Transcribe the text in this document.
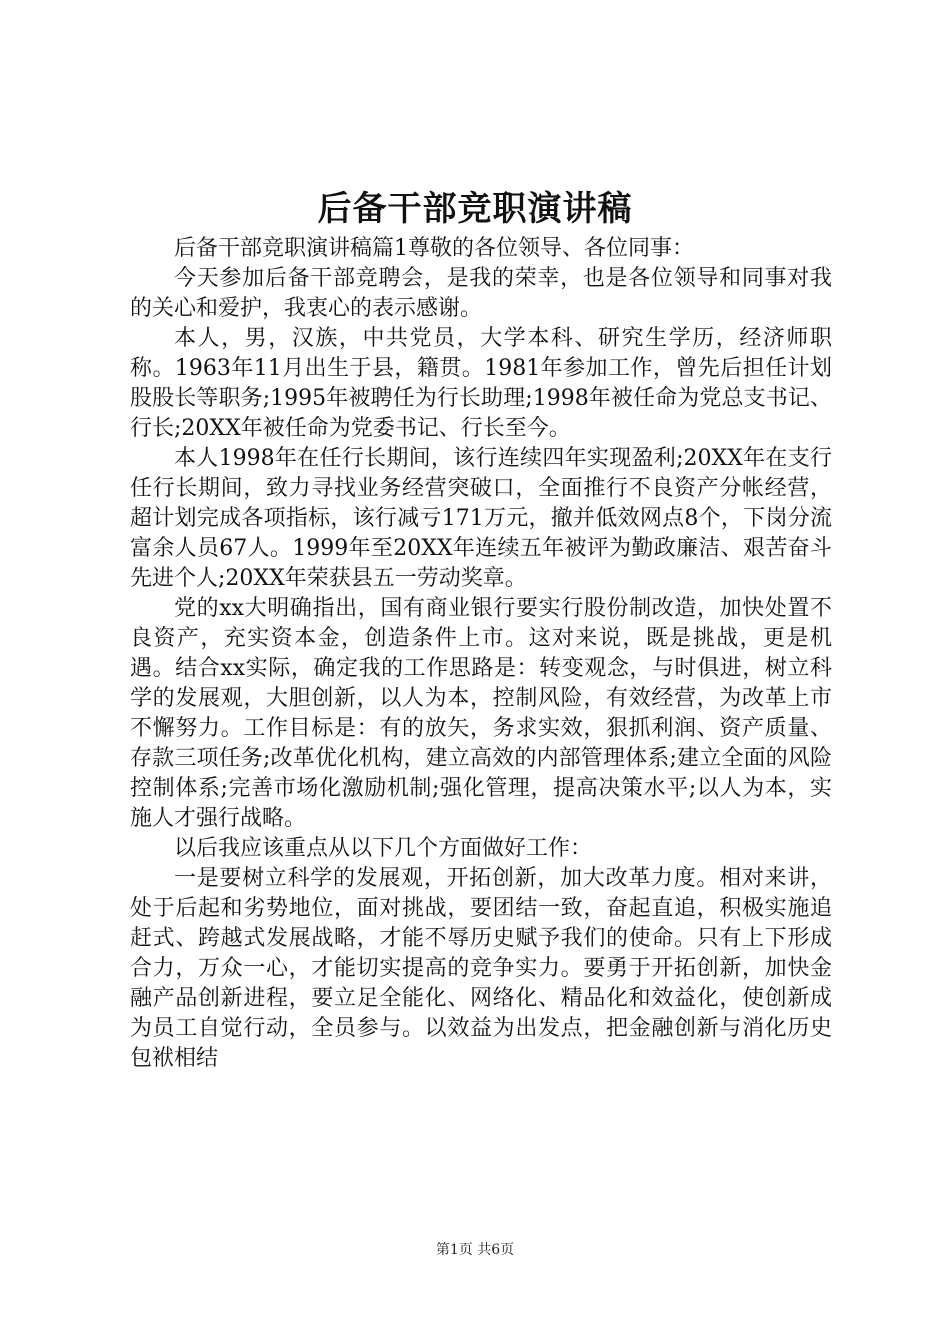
后备干部竞职演讲稿

后备干部竞职演讲稿篇1尊敬的各位领导、各位同事：

今天参加后备干部竞聘会，是我的荣幸，也是各位领导和同事对我的关心和爱护，我衷心的表示感谢。

本人，男，汉族，中共党员，大学本科、研究生学历，经济师职称。1963年11月出生于县，籍贯。1981年参加工作，曾先后担任计划股股长等职务;1995年被聘任为行长助理;1998年被任命为党总支书记、行长;20XX年被任命为党委书记、行长至今。

本人1998年在任行长期间，该行连续四年实现盈利;20XX年在支行任行长期间，致力寻找业务经营突破口，全面推行不良资产分帐经营，超计划完成各项指标，该行减亏171万元，撤并低效网点8个，下岗分流富余人员67人。1999年至20XX年连续五年被评为勤政廉洁、艰苦奋斗先进个人;20XX年荣获县五一劳动奖章。

党的xx大明确指出，国有商业银行要实行股份制改造，加快处置不良资产，充实资本金，创造条件上市。这对来说，既是挑战，更是机遇。结合xx实际，确定我的工作思路是：转变观念，与时俱进，树立科学的发展观，大胆创新，以人为本，控制风险，有效经营，为改革上市不懈努力。工作目标是：有的放矢，务求实效，狠抓利润、资产质量、存款三项任务;改革优化机构，建立高效的内部管理体系;建立全面的风险控制体系;完善市场化激励机制;强化管理，提高决策水平;以人为本，实施人才强行战略。

以后我应该重点从以下几个方面做好工作：

一是要树立科学的发展观，开拓创新，加大改革力度。相对来讲，处于后起和劣势地位，面对挑战，要团结一致，奋起直追，积极实施追赶式、跨越式发展战略，才能不辱历史赋予我们的使命。只有上下形成合力，万众一心，才能切实提高的竞争实力。要勇于开拓创新，加快金融产品创新进程，要立足全能化、网络化、精品化和效益化，使创新成为员工自觉行动，全员参与。以效益为出发点，把金融创新与消化历史包袱相结

第1页 共6页
